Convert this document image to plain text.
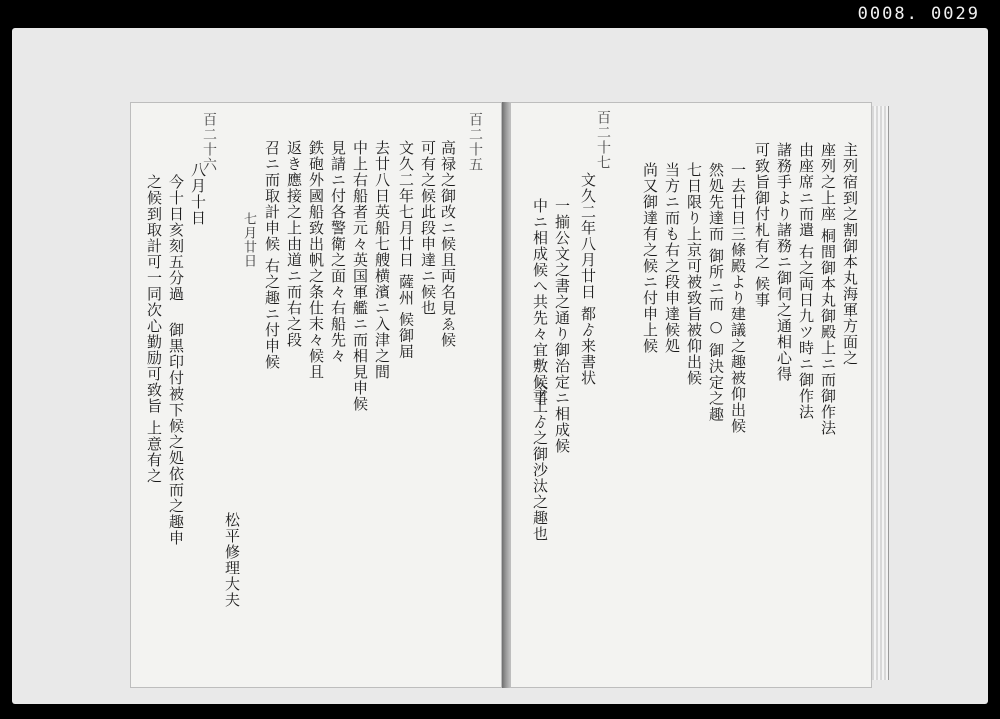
0008. 0029
百二十五
高禄之御改ニ候且両名見ゑ候
可有之候此段申達ニ候也
文久二年七月廿日 薩州 候御届
去廿八日英船七艘横濱ニ入津之間
中上右船者元々英国軍艦ニ而相見申候
見請ニ付各警衛之面々右船先々
鉄砲外國船致出帆之条仕末々候且
返き應接之上由道ニ而右之段
召ニ而取計申候 右之趣ニ付申候
七月廿日
松平修理大夫
百二十六
八月十日
今十日亥刻五分過
御黒印付被下候之処依而之趣申
之候到取計可一同次心勤励可致旨 上意有之	主列宿到之割御本丸海軍方面之
座列之上座 桐間御本丸御殿上ニ而御作法
由座席ニ而遣 右之両日九ツ時ニ御作法
諸務手より諸務ニ御伺之通相心得
可致旨御付札有之 候事
百二十七
文久二年八月廿日 都ゟ来書状	一去廿日三條殿より建議之趣被仰出候
然処先達而 御所ニ而 ○ 御決定之趣
七日限り上京可被致旨被仰出候
当方ニ而も右之段申達候処
尚又御達有之候ニ付申上候
一揃公文之書之通り御治定ニ相成候
中ニ相成候へ共先々宜敷候事
今上ゟ之御沙汰之趣也
